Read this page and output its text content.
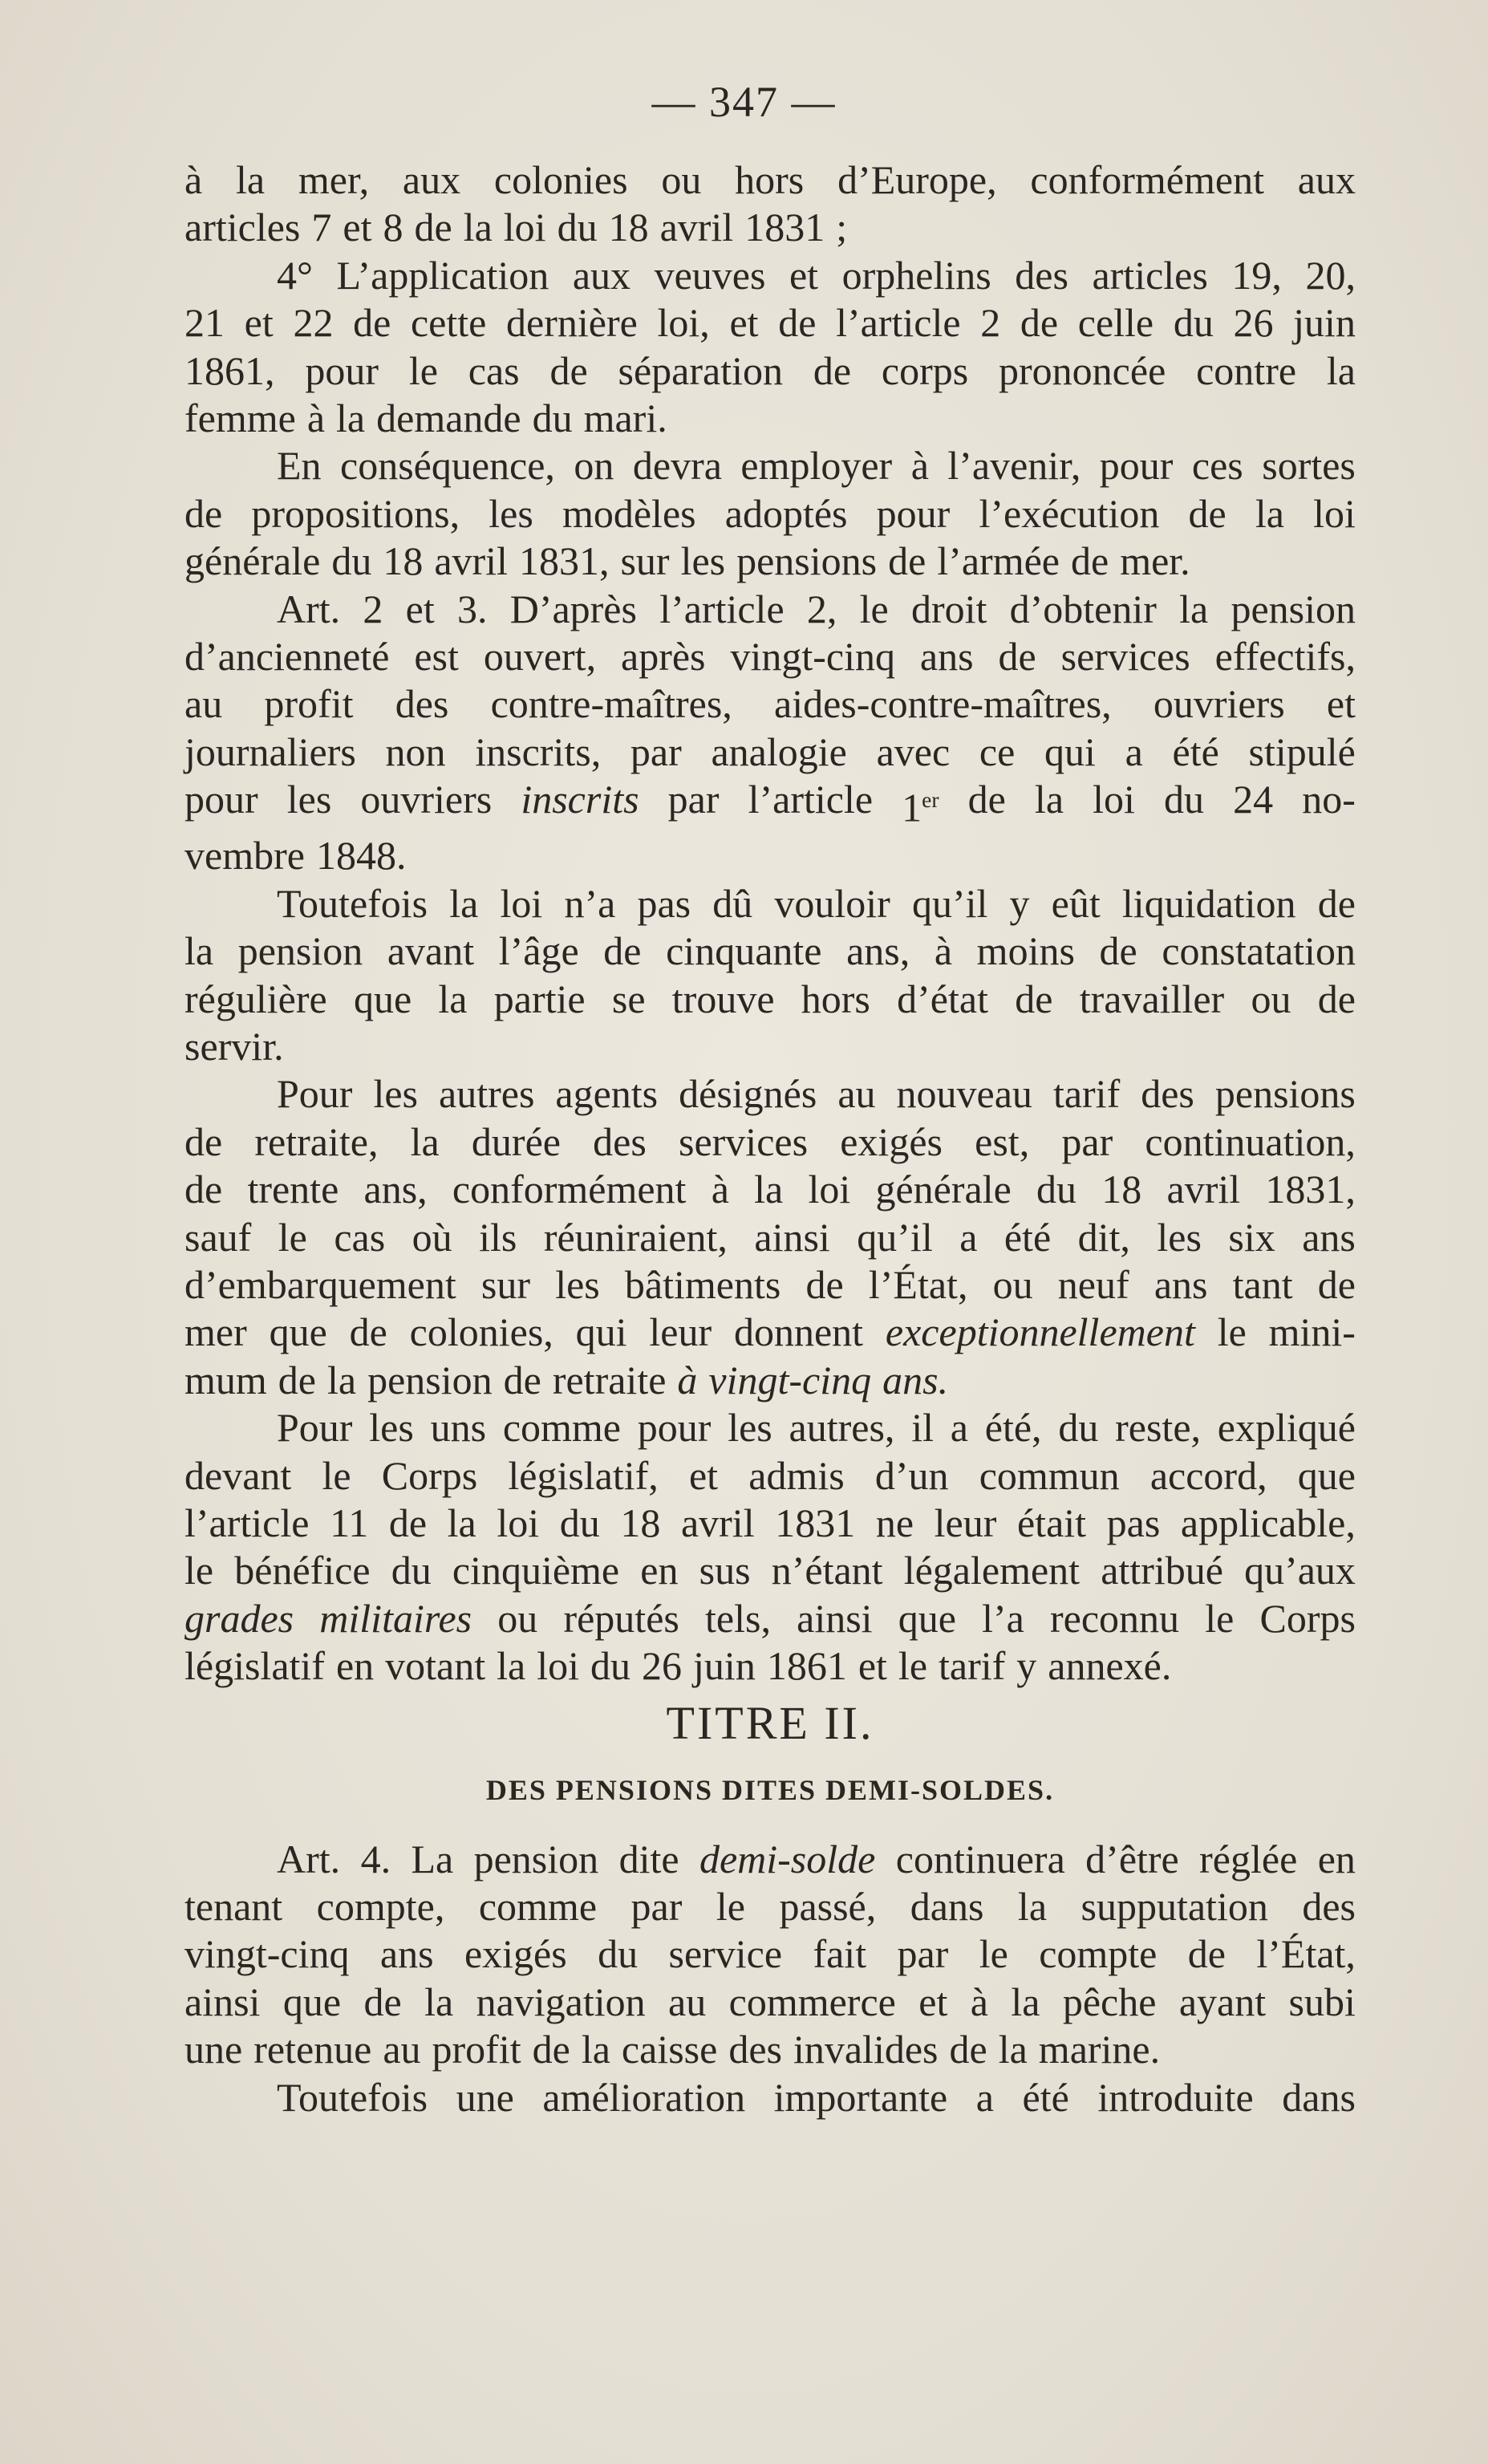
— 347 —
à la mer, aux colonies ou hors d’Europe, conformément aux
articles 7 et 8 de la loi du 18 avril 1831 ;
4° L’application aux veuves et orphelins des articles 19, 20,
21 et 22 de cette dernière loi, et de l’article 2 de celle du 26 juin
1861, pour le cas de séparation de corps prononcée contre la
femme à la demande du mari.
En conséquence, on devra employer à l’avenir, pour ces sortes
de propositions, les modèles adoptés pour l’exécution de la loi
générale du 18 avril 1831, sur les pensions de l’armée de mer.
Art. 2 et 3. D’après l’article 2, le droit d’obtenir la pension
d’ancienneté est ouvert, après vingt-cinq ans de services effectifs,
au profit des contre-maîtres, aides-contre-maîtres, ouvriers et
journaliers non inscrits, par analogie avec ce qui a été stipulé
pour les ouvriers inscrits par l’article 1er de la loi du 24 no-
vembre 1848.
Toutefois la loi n’a pas dû vouloir qu’il y eût liquidation de
la pension avant l’âge de cinquante ans, à moins de constatation
régulière que la partie se trouve hors d’état de travailler ou de
servir.
Pour les autres agents désignés au nouveau tarif des pensions
de retraite, la durée des services exigés est, par continuation,
de trente ans, conformément à la loi générale du 18 avril 1831,
sauf le cas où ils réuniraient, ainsi qu’il a été dit, les six ans
d’embarquement sur les bâtiments de l’État, ou neuf ans tant de
mer que de colonies, qui leur donnent exceptionnellement le mini-
mum de la pension de retraite à vingt-cinq ans.
Pour les uns comme pour les autres, il a été, du reste, expliqué
devant le Corps législatif, et admis d’un commun accord, que
l’article 11 de la loi du 18 avril 1831 ne leur était pas applicable,
le bénéfice du cinquième en sus n’étant légalement attribué qu’aux
grades militaires ou réputés tels, ainsi que l’a reconnu le Corps
législatif en votant la loi du 26 juin 1861 et le tarif y annexé.
TITRE II.
DES PENSIONS DITES DEMI-SOLDES.
Art. 4. La pension dite demi-solde continuera d’être réglée en
tenant compte, comme par le passé, dans la supputation des
vingt-cinq ans exigés du service fait par le compte de l’État,
ainsi que de la navigation au commerce et à la pêche ayant subi
une retenue au profit de la caisse des invalides de la marine.
Toutefois une amélioration importante a été introduite dans
